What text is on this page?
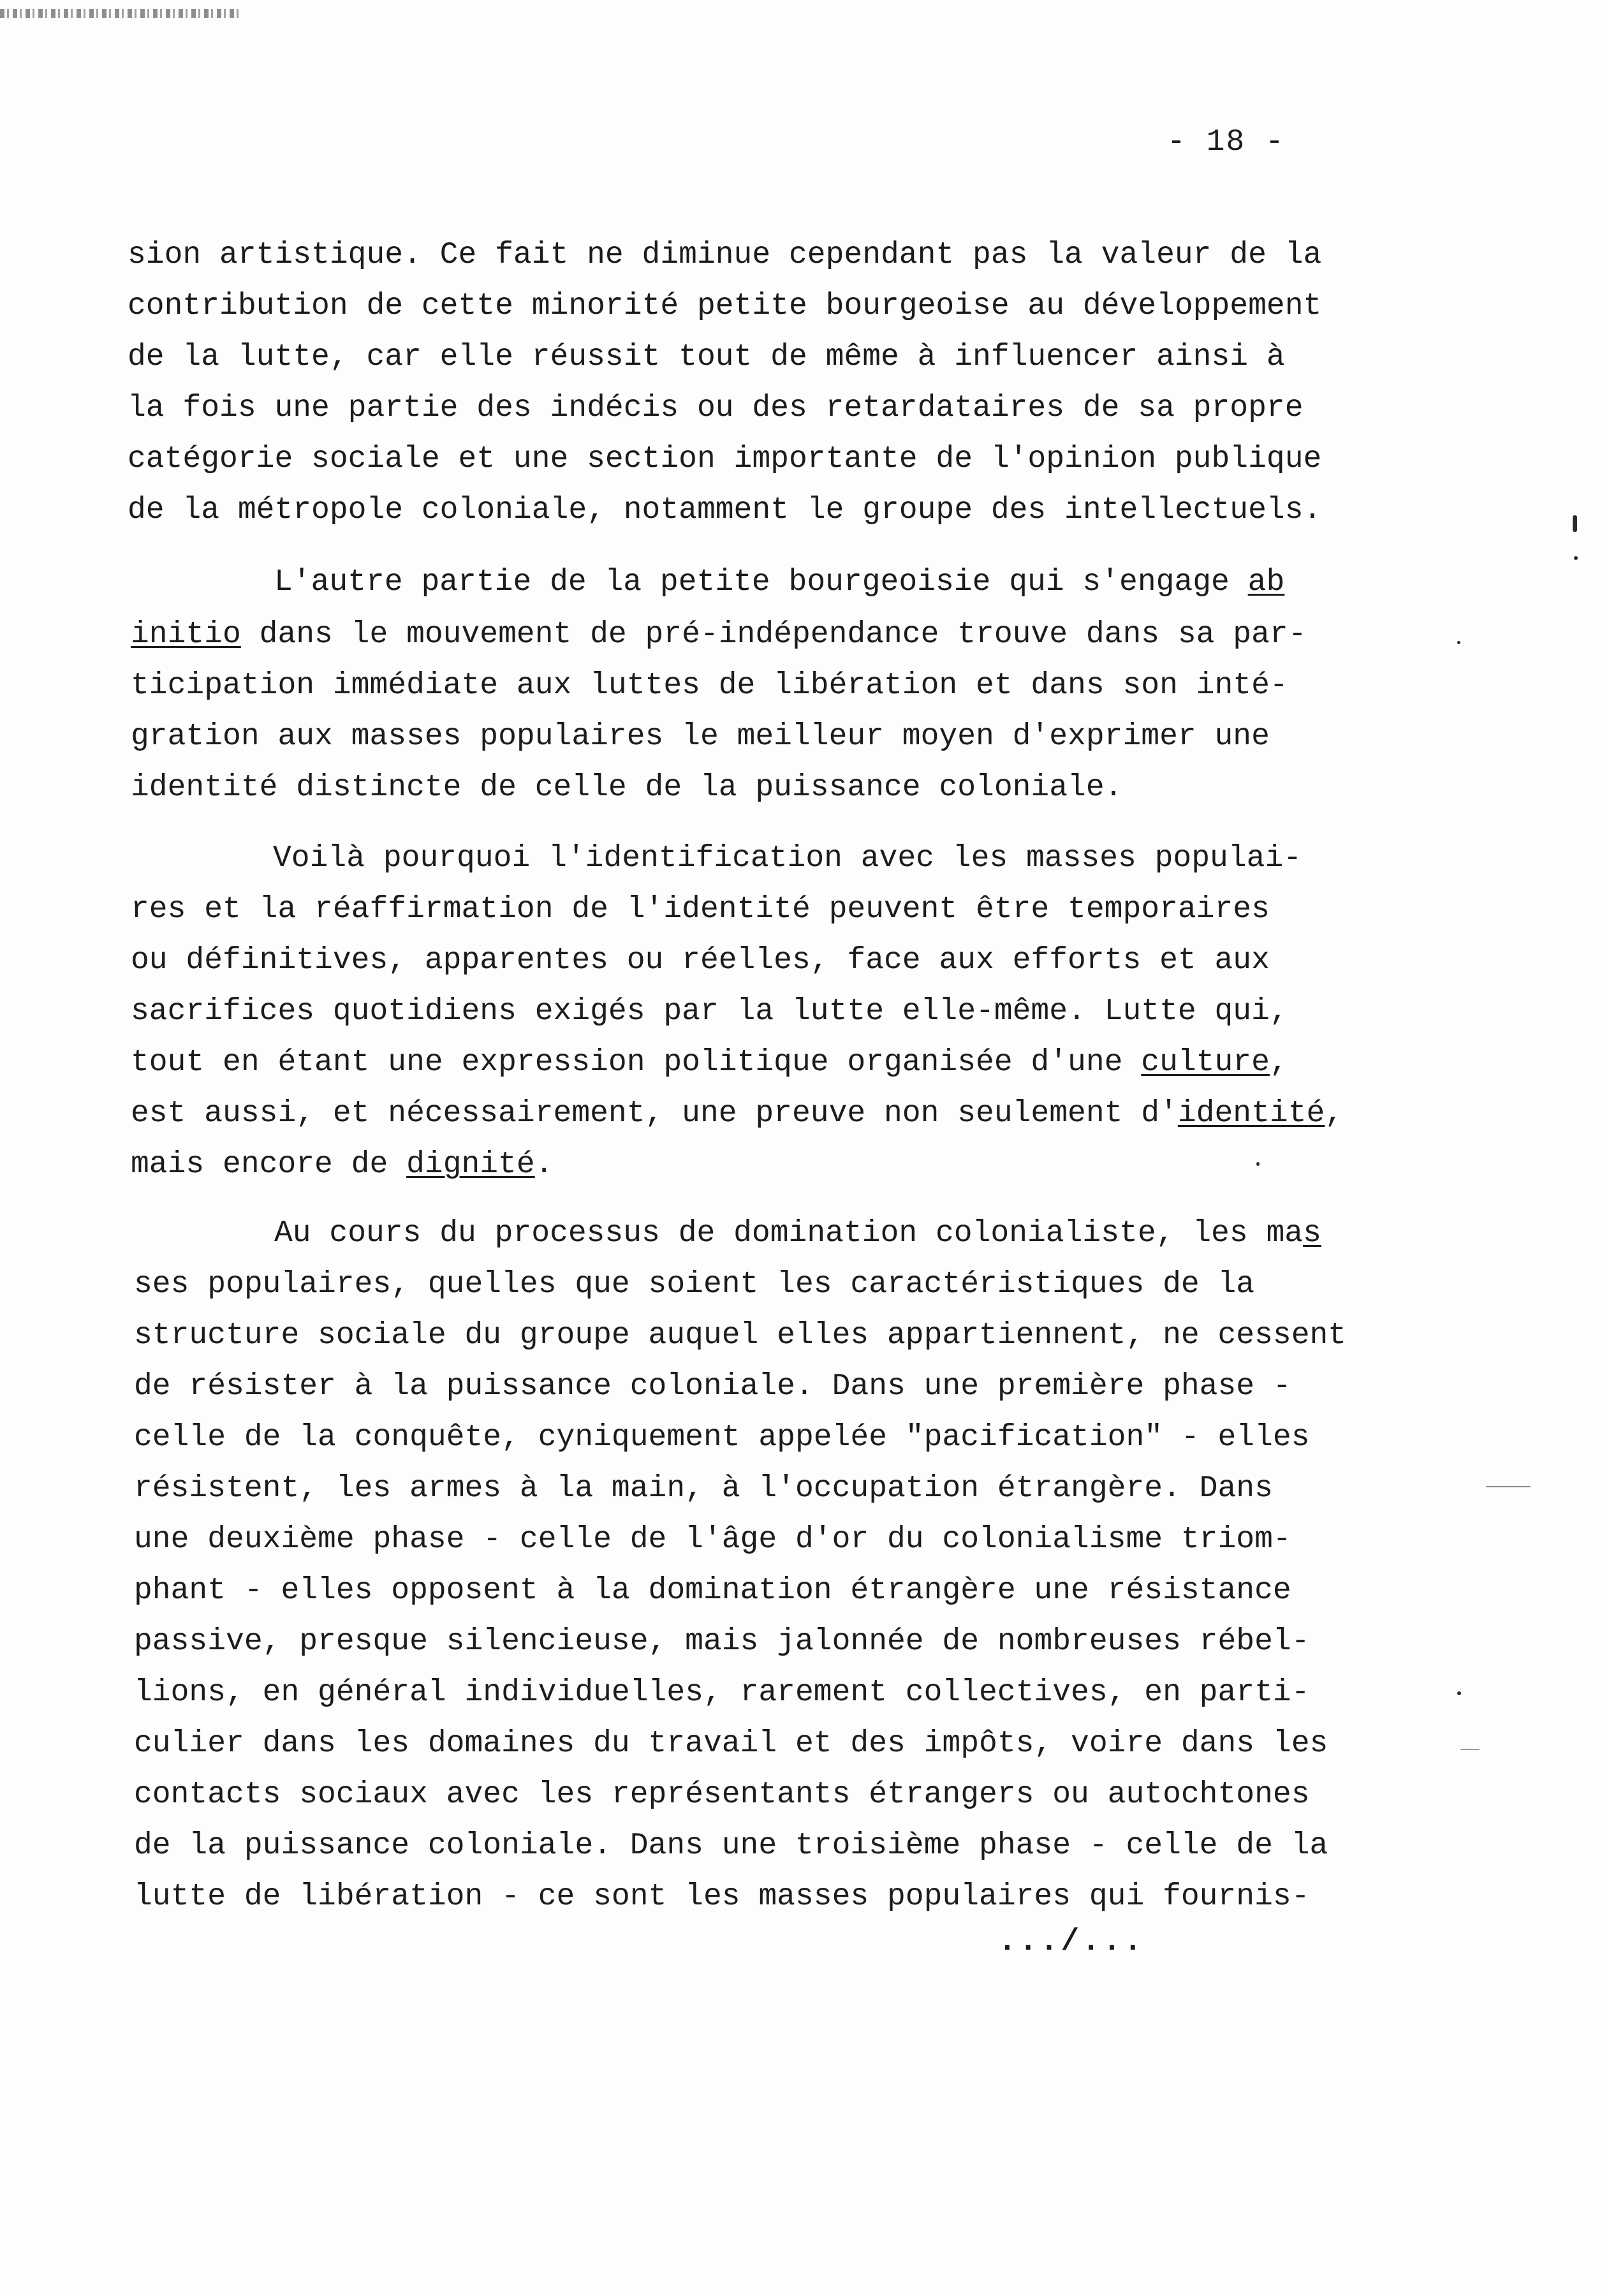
- 18 -
sion artistique. Ce fait ne diminue cependant pas la valeur de la
contribution de cette minorité petite bourgeoise au développement
de la lutte, car elle réussit tout de même à influencer ainsi à
la fois une partie des indécis ou des retardataires de sa propre
catégorie sociale et une section importante de l'opinion publique
de la métropole coloniale, notamment le groupe des intellectuels.
L'autre partie de la petite bourgeoisie qui s'engage ab
initio dans le mouvement de pré-indépendance trouve dans sa par-
ticipation immédiate aux luttes de libération et dans son inté-
gration aux masses populaires le meilleur moyen d'exprimer une
identité distincte de celle de la puissance coloniale.
Voilà pourquoi l'identification avec les masses populai-
res et la réaffirmation de l'identité peuvent être temporaires
ou définitives, apparentes ou réelles, face aux efforts et aux
sacrifices quotidiens exigés par la lutte elle-même. Lutte qui,
tout en étant une expression politique organisée d'une culture,
est aussi, et nécessairement, une preuve non seulement d'identité,
mais encore de dignité.
Au cours du processus de domination colonialiste, les mas
ses populaires, quelles que soient les caractéristiques de la
structure sociale du groupe auquel elles appartiennent, ne cessent
de résister à la puissance coloniale. Dans une première phase -
celle de la conquête, cyniquement appelée "pacification" - elles
résistent, les armes à la main, à l'occupation étrangère. Dans
une deuxième phase - celle de l'âge d'or du colonialisme triom-
phant - elles opposent à la domination étrangère une résistance
passive, presque silencieuse, mais jalonnée de nombreuses rébel-
lions, en général individuelles, rarement collectives, en parti-
culier dans les domaines du travail et des impôts, voire dans les
contacts sociaux avec les représentants étrangers ou autochtones
de la puissance coloniale. Dans une troisième phase - celle de la
lutte de libération - ce sont les masses populaires qui fournis-
.../...
